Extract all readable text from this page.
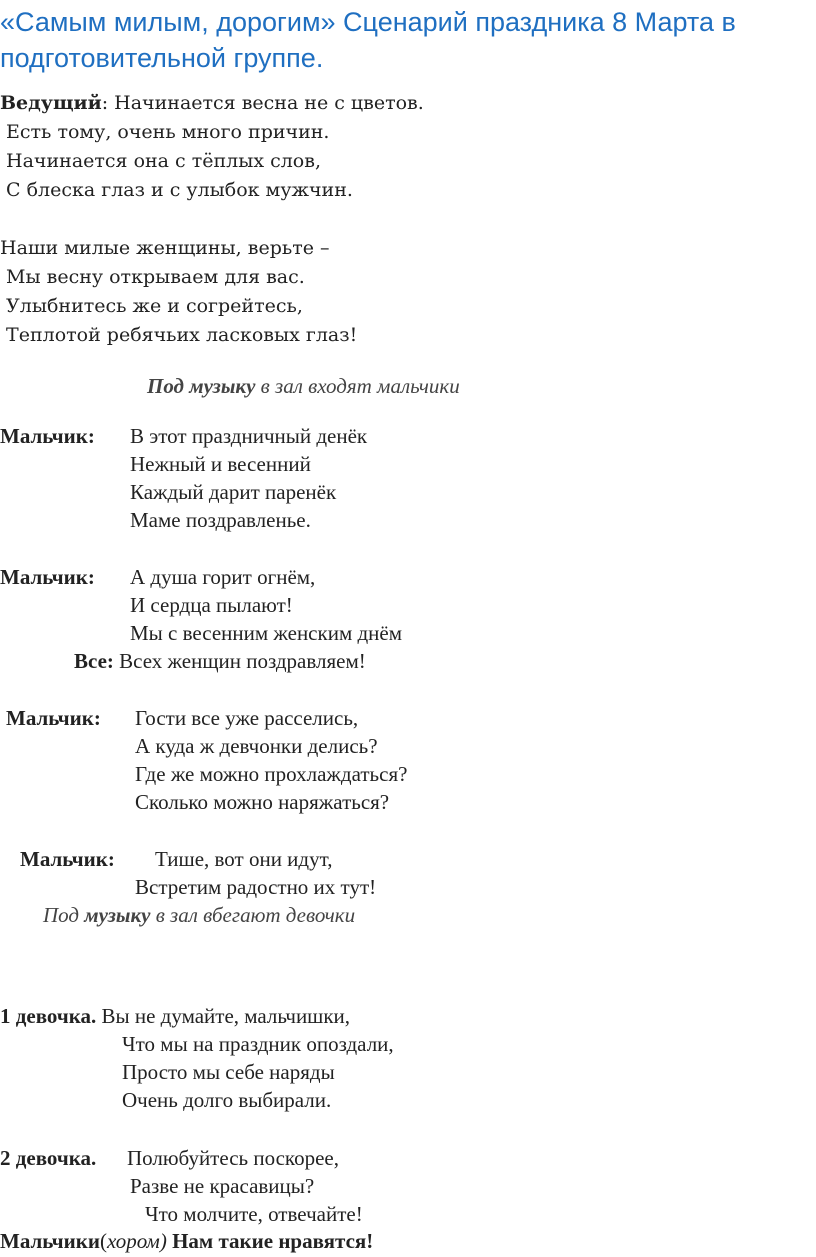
«Самым милым, дорогим» Сценарий праздника 8 Марта в подготовительной группе.
Ведущий: Начинается весна не с цветов.
Есть тому, очень много причин.
Начинается она с тёплых слов,
С блеска глаз и с улыбок мужчин.
Наши милые женщины, верьте –
Мы весну открываем для вас.
Улыбнитесь же и согрейтесь,
Теплотой ребячьих ласковых глаз!
Под музыку в зал входят мальчики
Мальчик: В этот праздничный денёк
Нежный и весенний
Каждый дарит паренёк
Маме поздравленье.
Мальчик: А душа горит огнём,
И сердца пылают!
Мы с весенним женским днём
Все: Всех женщин поздравляем!
Мальчик: Гости все уже расселись,
А куда ж девчонки делись?
Где же можно прохлаждаться?
Сколько можно наряжаться?
Мальчик: Тише, вот они идут,
Встретим радостно их тут!
Под музыку в зал вбегают девочки
1 девочка. Вы не думайте, мальчишки,
Что мы на праздник опоздали,
Просто мы себе наряды
Очень долго выбирали.
2 девочка. Полюбуйтесь поскорее,
Разве не красавицы?
Что молчите, отвечайте!
Мальчики(хором) Нам такие нравятся!
